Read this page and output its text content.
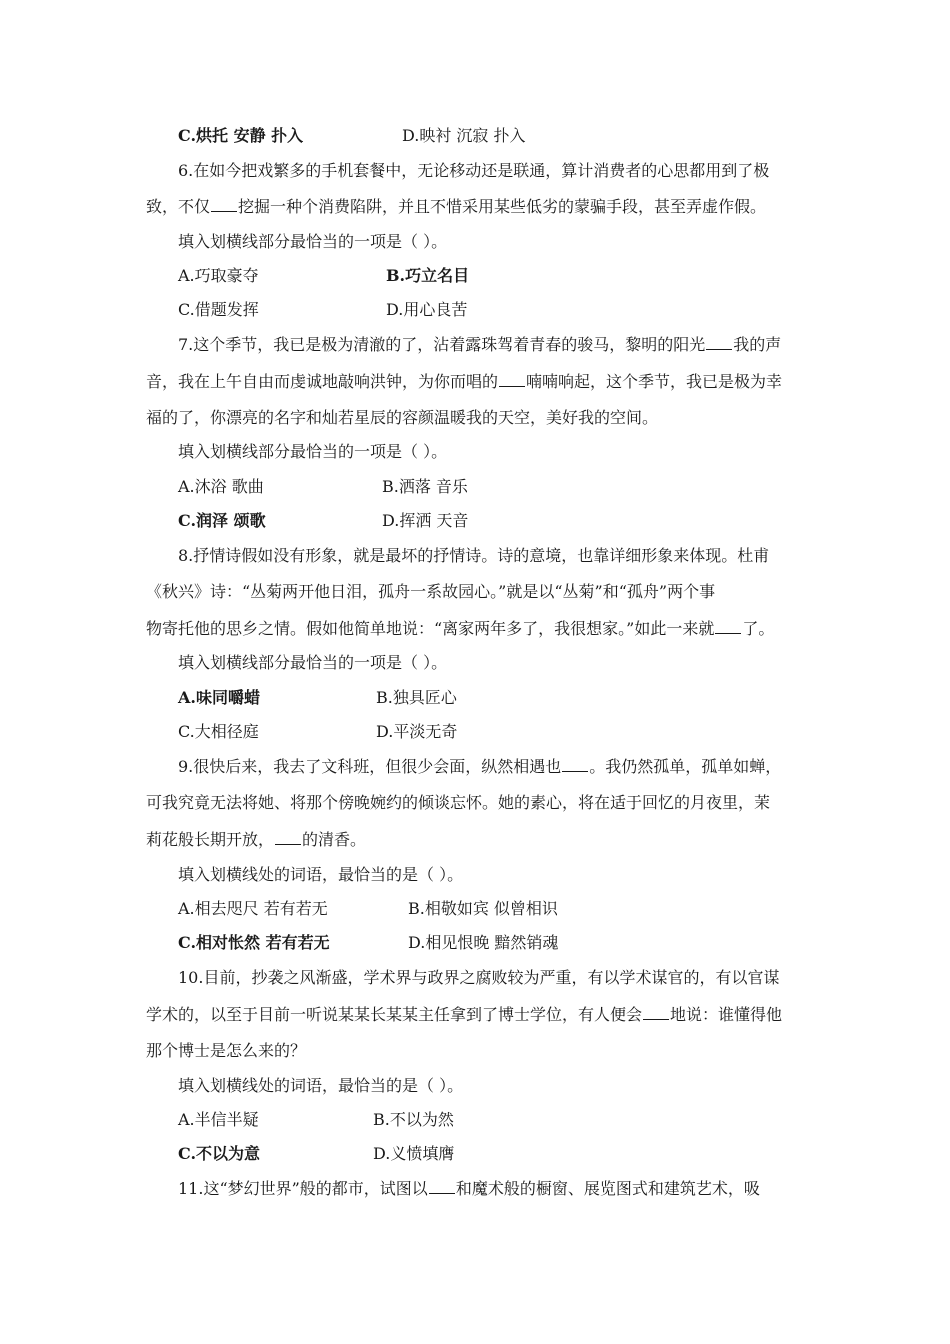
C.烘托 安静 扑入	D.映衬 沉寂 扑入
6.在如今把戏繁多的手机套餐中，无论移动还是联通，算计消费者的心思都用到了极
致，不仅 挖掘一种个消费陷阱，并且不惜采用某些低劣的蒙骗手段，甚至弄虚作假。
填入划横线部分最恰当的一项是（ ）。
A.巧取豪夺	B.巧立名目
C.借题发挥	D.用心良苦
7.这个季节，我已是极为清澈的了，沾着露珠驾着青春的骏马，黎明的阳光 我的声
音，我在上午自由而虔诚地敲响洪钟，为你而唱的 喃喃响起，这个季节，我已是极为幸
福的了，你漂亮的名字和灿若星辰的容颜温暖我的天空，美好我的空间。
填入划横线部分最恰当的一项是（ ）。
A.沐浴 歌曲	B.洒落 音乐
C.润泽 颂歌	D.挥洒 天音
8.抒情诗假如没有形象，就是最坏的抒情诗。诗的意境，也靠详细形象来体现。杜甫
《秋兴》诗：“丛菊两开他日泪，孤舟一系故园心。”就是以“丛菊”和“孤舟”两个事
物寄托他的思乡之情。假如他简单地说：“离家两年多了，我很想家。”如此一来就 了。
填入划横线部分最恰当的一项是（ ）。
A.味同嚼蜡	B.独具匠心
C.大相径庭	D.平淡无奇
9.很快后来，我去了文科班，但很少会面，纵然相遇也 。我仍然孤单，孤单如蝉，
可我究竟无法将她、将那个傍晚婉约的倾谈忘怀。她的素心，将在适于回忆的月夜里，茉
莉花般长期开放， 的清香。
填入划横线处的词语，最恰当的是（ ）。
A.相去咫尺 若有若无	B.相敬如宾 似曾相识
C.相对怅然 若有若无	D.相见恨晚 黯然销魂
10.目前，抄袭之风渐盛，学术界与政界之腐败较为严重，有以学术谋官的，有以官谋
学术的，以至于目前一听说某某长某某主任拿到了博士学位，有人便会 地说：谁懂得他
那个博士是怎么来的？
填入划横线处的词语，最恰当的是（ ）。
A.半信半疑	B.不以为然
C.不以为意	D.义愤填膺
11.这“梦幻世界”般的都市，试图以 和魔术般的橱窗、展览图式和建筑艺术，吸
